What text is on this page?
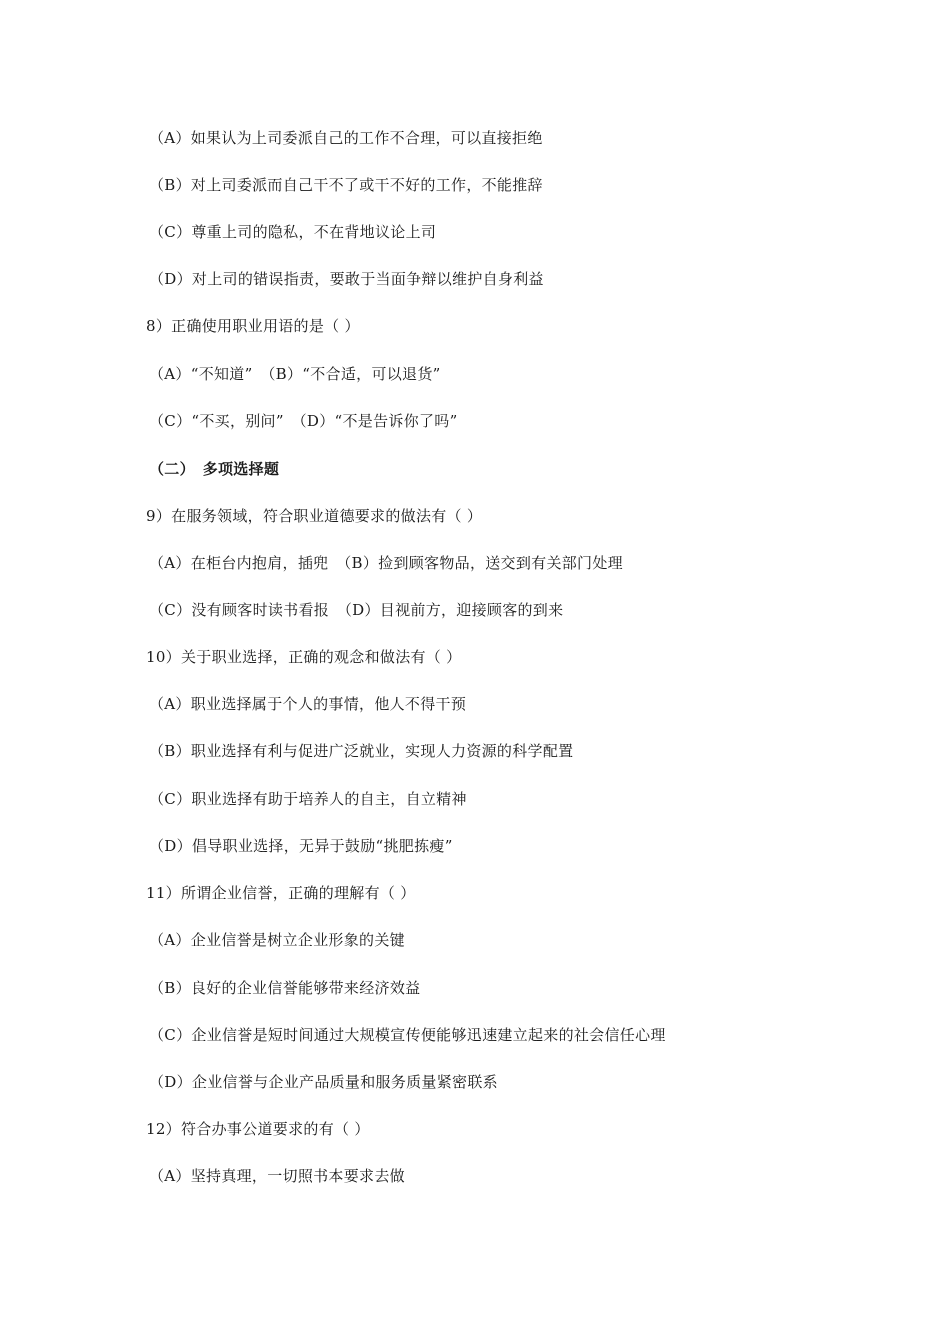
（A）如果认为上司委派自己的工作不合理，可以直接拒绝
（B）对上司委派而自己干不了或干不好的工作，不能推辞
（C）尊重上司的隐私，不在背地议论上司
（D）对上司的错误指责，要敢于当面争辩以维护自身利益
8）正确使用职业用语的是（ ）
（A）“不知道”　（B）“不合适，可以退货”
（C）“不买，别问”　（D）“不是告诉你了吗”
（二）　多项选择题
9）在服务领域，符合职业道德要求的做法有（ ）
（A）在柜台内抱肩，插兜　（B）捡到顾客物品，送交到有关部门处理
（C）没有顾客时读书看报　（D）目视前方，迎接顾客的到来
10）关于职业选择，正确的观念和做法有（ ）
（A）职业选择属于个人的事情，他人不得干预
（B）职业选择有利与促进广泛就业，实现人力资源的科学配置
（C）职业选择有助于培养人的自主，自立精神
（D）倡导职业选择，无异于鼓励“挑肥拣瘦”
11）所谓企业信誉，正确的理解有（ ）
（A）企业信誉是树立企业形象的关键
（B）良好的企业信誉能够带来经济效益
（C）企业信誉是短时间通过大规模宣传便能够迅速建立起来的社会信任心理
（D）企业信誉与企业产品质量和服务质量紧密联系
12）符合办事公道要求的有（ ）
（A）坚持真理，一切照书本要求去做
